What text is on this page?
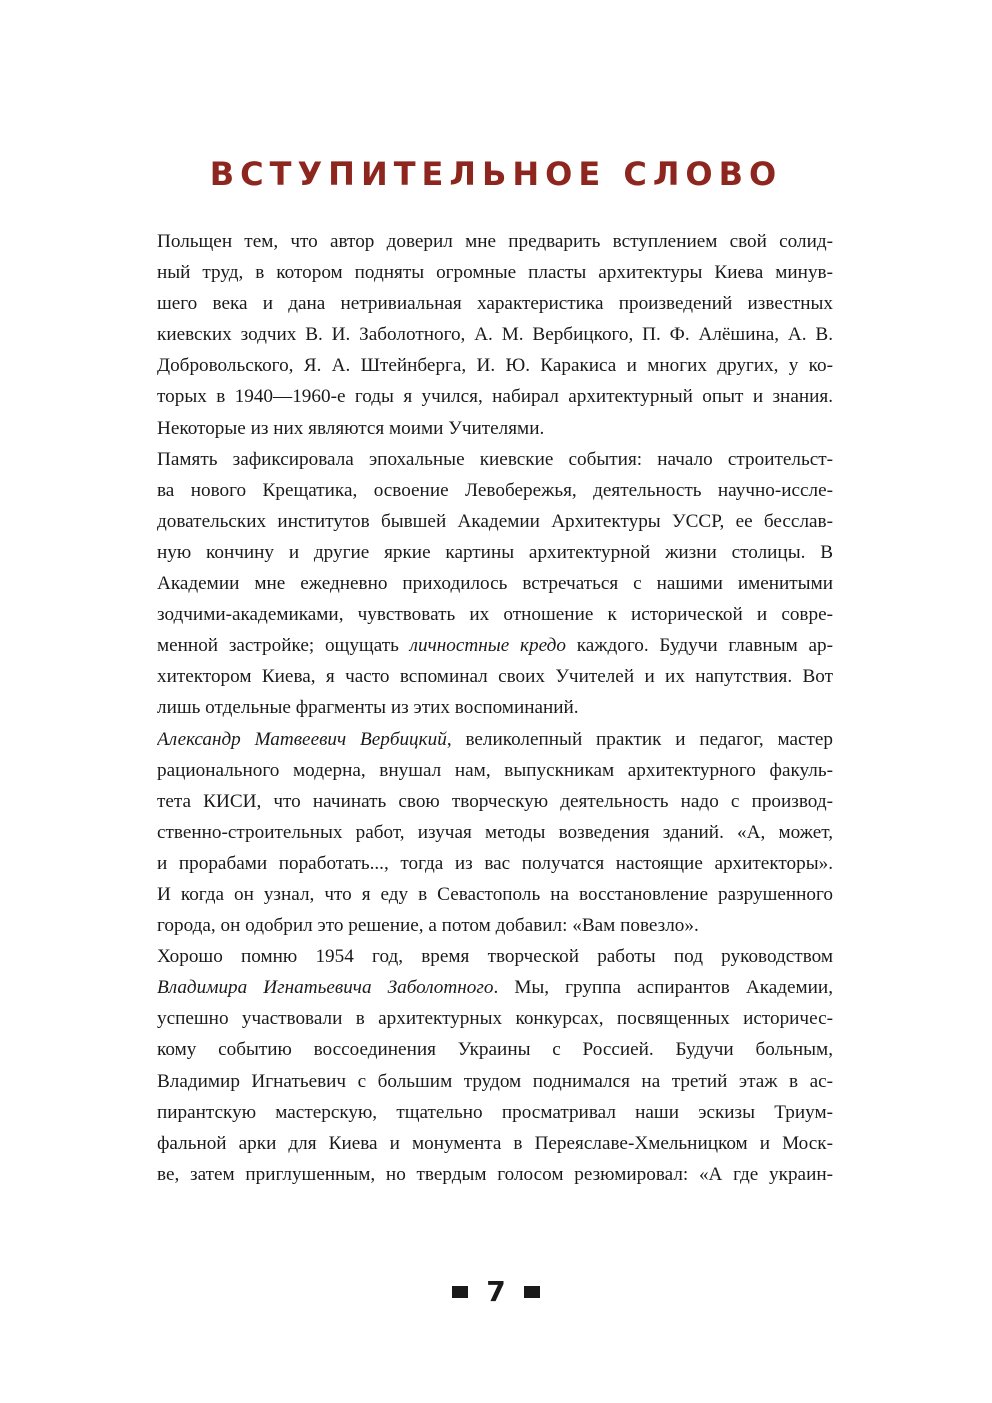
ВСТУПИТЕЛЬНОЕ СЛОВО
Польщен тем, что автор доверил мне предварить вступлением свой солид-
ный труд, в котором подняты огромные пласты архитектуры Киева минув-
шего века и дана нетривиальная характеристика произведений известных
киевских зодчих В. И. Заболотного, А. М. Вербицкого, П. Ф. Алёшина, А. В.
Добровольского, Я. А. Штейнберга, И. Ю. Каракиса и многих других, у ко-
торых в 1940—1960-е годы я учился, набирал архитектурный опыт и знания.
Некоторые из них являются моими Учителями.
Память зафиксировала эпохальные киевские события: начало строительст-
ва нового Крещатика, освоение Левобережья, деятельность научно-иссле-
довательских институтов бывшей Академии Архитектуры УССР, ее бесслав-
ную кончину и другие яркие картины архитектурной жизни столицы. В
Академии мне ежедневно приходилось встречаться с нашими именитыми
зодчими-академиками, чувствовать их отношение к исторической и совре-
менной застройке; ощущать личностные кредо каждого. Будучи главным ар-
хитектором Киева, я часто вспоминал своих Учителей и их напутствия. Вот
лишь отдельные фрагменты из этих воспоминаний.
Александр Матвеевич Вербицкий, великолепный практик и педагог, мастер
рационального модерна, внушал нам, выпускникам архитектурного факуль-
тета КИСИ, что начинать свою творческую деятельность надо с производ-
ственно-строительных работ, изучая методы возведения зданий. «А, может,
и прорабами поработать..., тогда из вас получатся настоящие архитекторы».
И когда он узнал, что я еду в Севастополь на восстановление разрушенного
города, он одобрил это решение, а потом добавил: «Вам повезло».
Хорошо помню 1954 год, время творческой работы под руководством
Владимира Игнатьевича Заболотного. Мы, группа аспирантов Академии,
успешно участвовали в архитектурных конкурсах, посвященных историчес-
кому событию воссоединения Украины с Россией. Будучи больным,
Владимир Игнатьевич с большим трудом поднимался на третий этаж в ас-
пирантскую мастерскую, тщательно просматривал наши эскизы Триум-
фальной арки для Киева и монумента в Переяславе-Хмельницком и Моск-
ве, затем приглушенным, но твердым голосом резюмировал: «А где украин-
7
